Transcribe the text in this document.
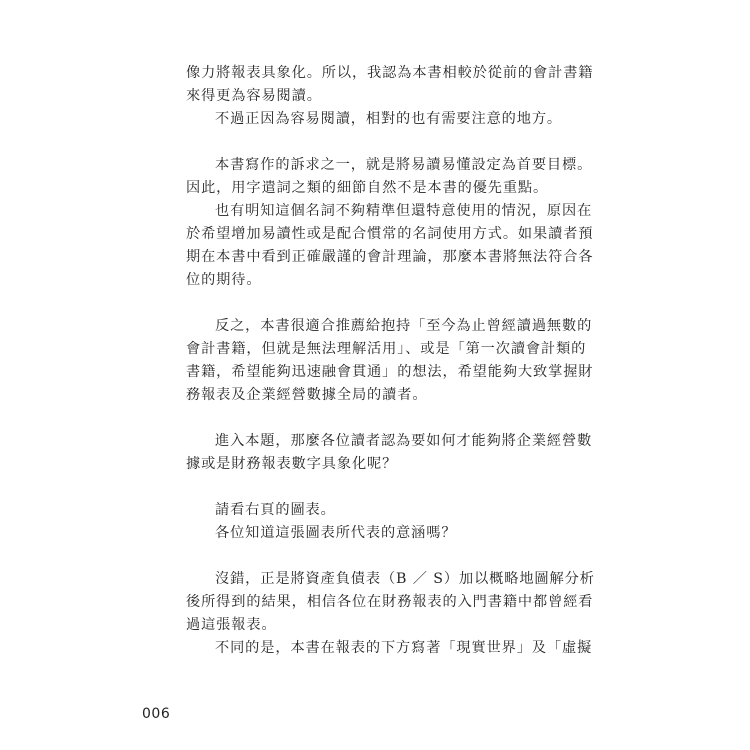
像力將報表具象化。所以，我認為本書相較於從前的會計書籍
來得更為容易閱讀。
不過正因為容易閱讀，相對的也有需要注意的地方。
本書寫作的訴求之一，就是將易讀易懂設定為首要目標。
因此，用字遣詞之類的細節自然不是本書的優先重點。
也有明知這個名詞不夠精準但還特意使用的情況，原因在
於希望增加易讀性或是配合慣常的名詞使用方式。如果讀者預
期在本書中看到正確嚴謹的會計理論，那麼本書將無法符合各
位的期待。
反之，本書很適合推薦給抱持「至今為止曾經讀過無數的
會計書籍，但就是無法理解活用」、或是「第一次讀會計類的
書籍，希望能夠迅速融會貫通」的想法，希望能夠大致掌握財
務報表及企業經營數據全局的讀者。
進入本題，那麼各位讀者認為要如何才能夠將企業經營數
據或是財務報表數字具象化呢？
請看右頁的圖表。
各位知道這張圖表所代表的意涵嗎？
沒錯，正是將資產負債表（B ／ S）加以概略地圖解分析
後所得到的結果，相信各位在財務報表的入門書籍中都曾經看
過這張報表。
不同的是，本書在報表的下方寫著「現實世界」及「虛擬
006
